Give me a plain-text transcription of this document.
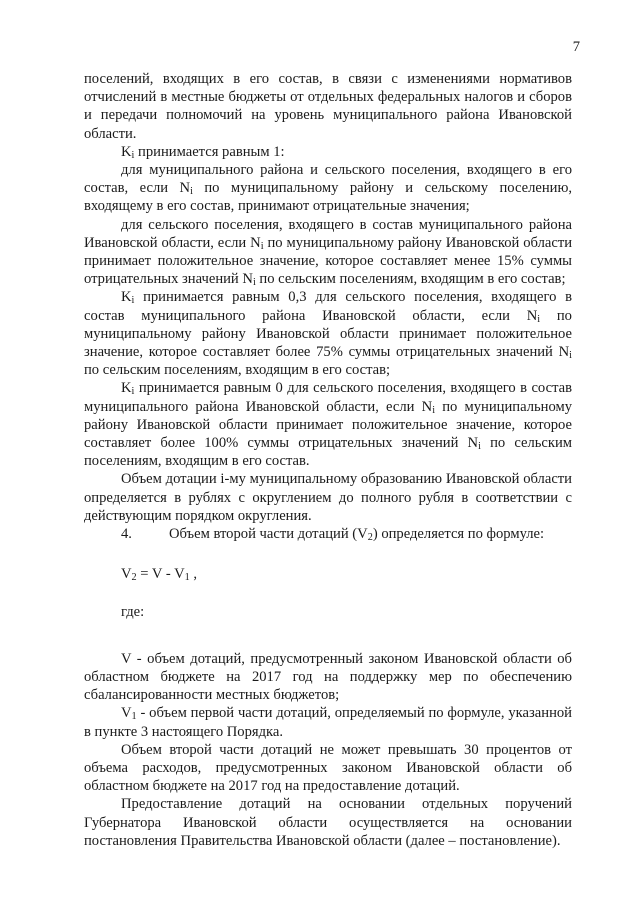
7

поселений, входящих в его состав, в связи с изменениями нормативов отчислений в местные бюджеты от отдельных федеральных налогов и сборов и передачи полномочий на уровень муниципального района Ивановской области.

$K_i$ принимается равным 1:

для муниципального района и сельского поселения, входящего в его состав, если $N_i$ по муниципальному району и сельскому поселению, входящему в его состав, принимают отрицательные значения;

для сельского поселения, входящего в состав муниципального района Ивановской области, если $N_i$ по муниципальному району Ивановской области принимает положительное значение, которое составляет менее 15% суммы отрицательных значений $N_i$ по сельским поселениям, входящим в его состав;

$K_i$ принимается равным 0,3 для сельского поселения, входящего в состав муниципального района Ивановской области, если $N_i$ по муниципальному району Ивановской области принимает положительное значение, которое составляет более 75% суммы отрицательных значений $N_i$ по сельским поселениям, входящим в его состав;

$K_i$ принимается равным 0 для сельского поселения, входящего в состав муниципального района Ивановской области, если $N_i$ по муниципальному району Ивановской области принимает положительное значение, которое составляет более 100% суммы отрицательных значений $N_i$ по сельским поселениям, входящим в его состав.

Объем дотации i-му муниципальному образованию Ивановской области определяется в рублях с округлением до полного рубля в соответствии с действующим порядком округления.

4.	Объем второй части дотаций $(V_2)$ определяется по формуле:

$V_2 = V - V_1$ ,

где:

V - объем дотаций, предусмотренный законом Ивановской области об областном бюджете на 2017 год на поддержку мер по обеспечению сбалансированности местных бюджетов;

$V_1$ - объем первой части дотаций, определяемый по формуле, указанной в пункте 3 настоящего Порядка.

Объем второй части дотаций не может превышать 30 процентов от объема расходов, предусмотренных законом Ивановской области об областном бюджете на 2017 год на предоставление дотаций.

Предоставление дотаций на основании отдельных поручений Губернатора Ивановской области осуществляется на основании постановления Правительства Ивановской области (далее – постановление).
